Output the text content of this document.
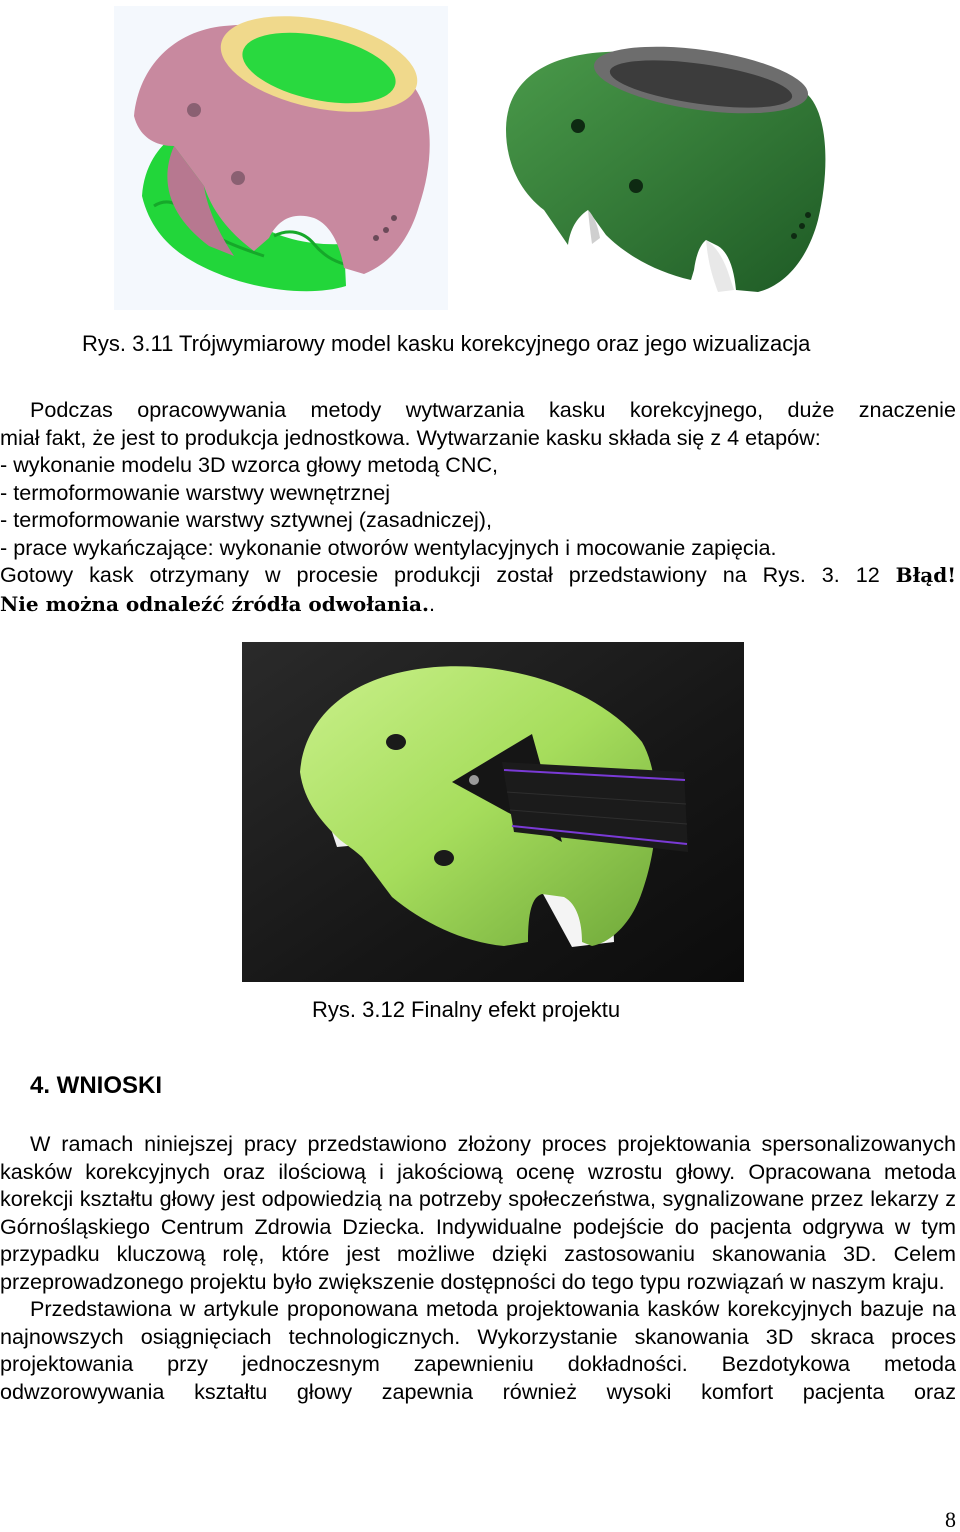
Rys. 3.11 Trójwymiarowy model kasku korekcyjnego oraz jego wizualizacja

Podczas opracowywania metody wytwarzania kasku korekcyjnego, duże znaczenie

miał fakt, że jest to produkcja jednostkowa. Wytwarzanie kasku składa się z 4 etapów:

- wykonanie modelu 3D wzorca głowy metodą CNC,

- termoformowanie warstwy wewnętrznej

- termoformowanie warstwy sztywnej (zasadniczej),

- prace wykańczające: wykonanie otworów wentylacyjnych i mocowanie zapięcia.

Gotowy kask otrzymany w procesie produkcji został przedstawiony na Rys. 3. 12 Błąd!

Nie można odnaleźć źródła odwołania..

Rys. 3.12 Finalny efekt projektu
4. WNIOSKI

W ramach niniejszej pracy przedstawiono złożony proces projektowania spersonalizowanych kasków korekcyjnych oraz ilościową i jakościową ocenę wzrostu głowy. Opracowana metoda korekcji kształtu głowy jest odpowiedzią na potrzeby społeczeństwa, sygnalizowane przez lekarzy z Górnośląskiego Centrum Zdrowia Dziecka. Indywidualne podejście do pacjenta odgrywa w tym przypadku kluczową rolę, które jest możliwe dzięki zastosowaniu skanowania 3D. Celem przeprowadzonego projektu było zwiększenie dostępności do tego typu rozwiązań w naszym kraju.

Przedstawiona w artykule proponowana metoda projektowania kasków korekcyjnych bazuje na najnowszych osiągnięciach technologicznych. Wykorzystanie skanowania 3D skraca proces projektowania przy jednoczesnym zapewnieniu dokładności. Bezdotykowa metoda odwzorowywania kształtu głowy zapewnia również wysoki komfort pacjenta oraz

8
